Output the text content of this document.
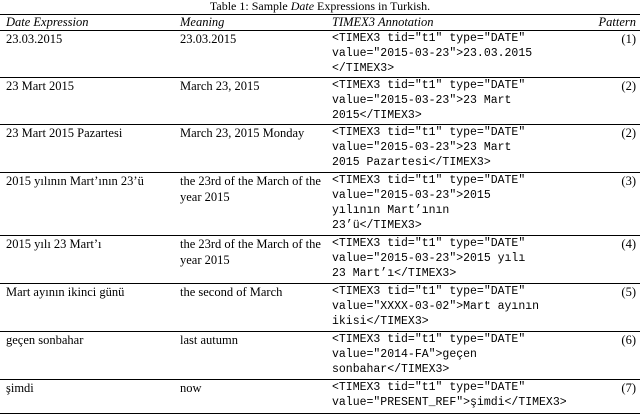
Table 1: Sample Date Expressions in Turkish.
Date Expression	Meaning	TIMEX3 Annotation	Pattern
23.03.2015	23.03.2015	<TIMEX3 tid="t1" type="DATE"
value="2015-03-23">23.03.2015
</TIMEX3>
(1)
23 Mart 2015	March 23, 2015	<TIMEX3 tid="t1" type="DATE"
value="2015-03-23">23 Mart
2015</TIMEX3>
(2)
23 Mart 2015 Pazartesi	March 23, 2015 Monday	<TIMEX3 tid="t1" type="DATE"
value="2015-03-23">23 Mart
2015 Pazartesi</TIMEX3>
(2)
2015 yılının Mart’ının 23’ü	the 23rd of the March of the year 2015
<TIMEX3 tid="t1" type="DATE"
value="2015-03-23">2015
yılının Mart’ının
23’ü</TIMEX3>
(3)
2015 yılı 23 Mart’ı	the 23rd of the March of the year 2015
<TIMEX3 tid="t1" type="DATE"
value="2015-03-23">2015 yılı
23 Mart’ı</TIMEX3>
(4)
Mart ayının ikinci günü	the second of March	<TIMEX3 tid="t1" type="DATE"
value="XXXX-03-02">Mart ayının
ikisi</TIMEX3>
(5)
geçen sonbahar	last autumn	<TIMEX3 tid="t1" type="DATE"
value="2014-FA">geçen
sonbahar</TIMEX3>
(6)
şimdi	now	<TIMEX3 tid="t1" type="DATE"
value="PRESENT_REF">şimdi</TIMEX3>
(7)
